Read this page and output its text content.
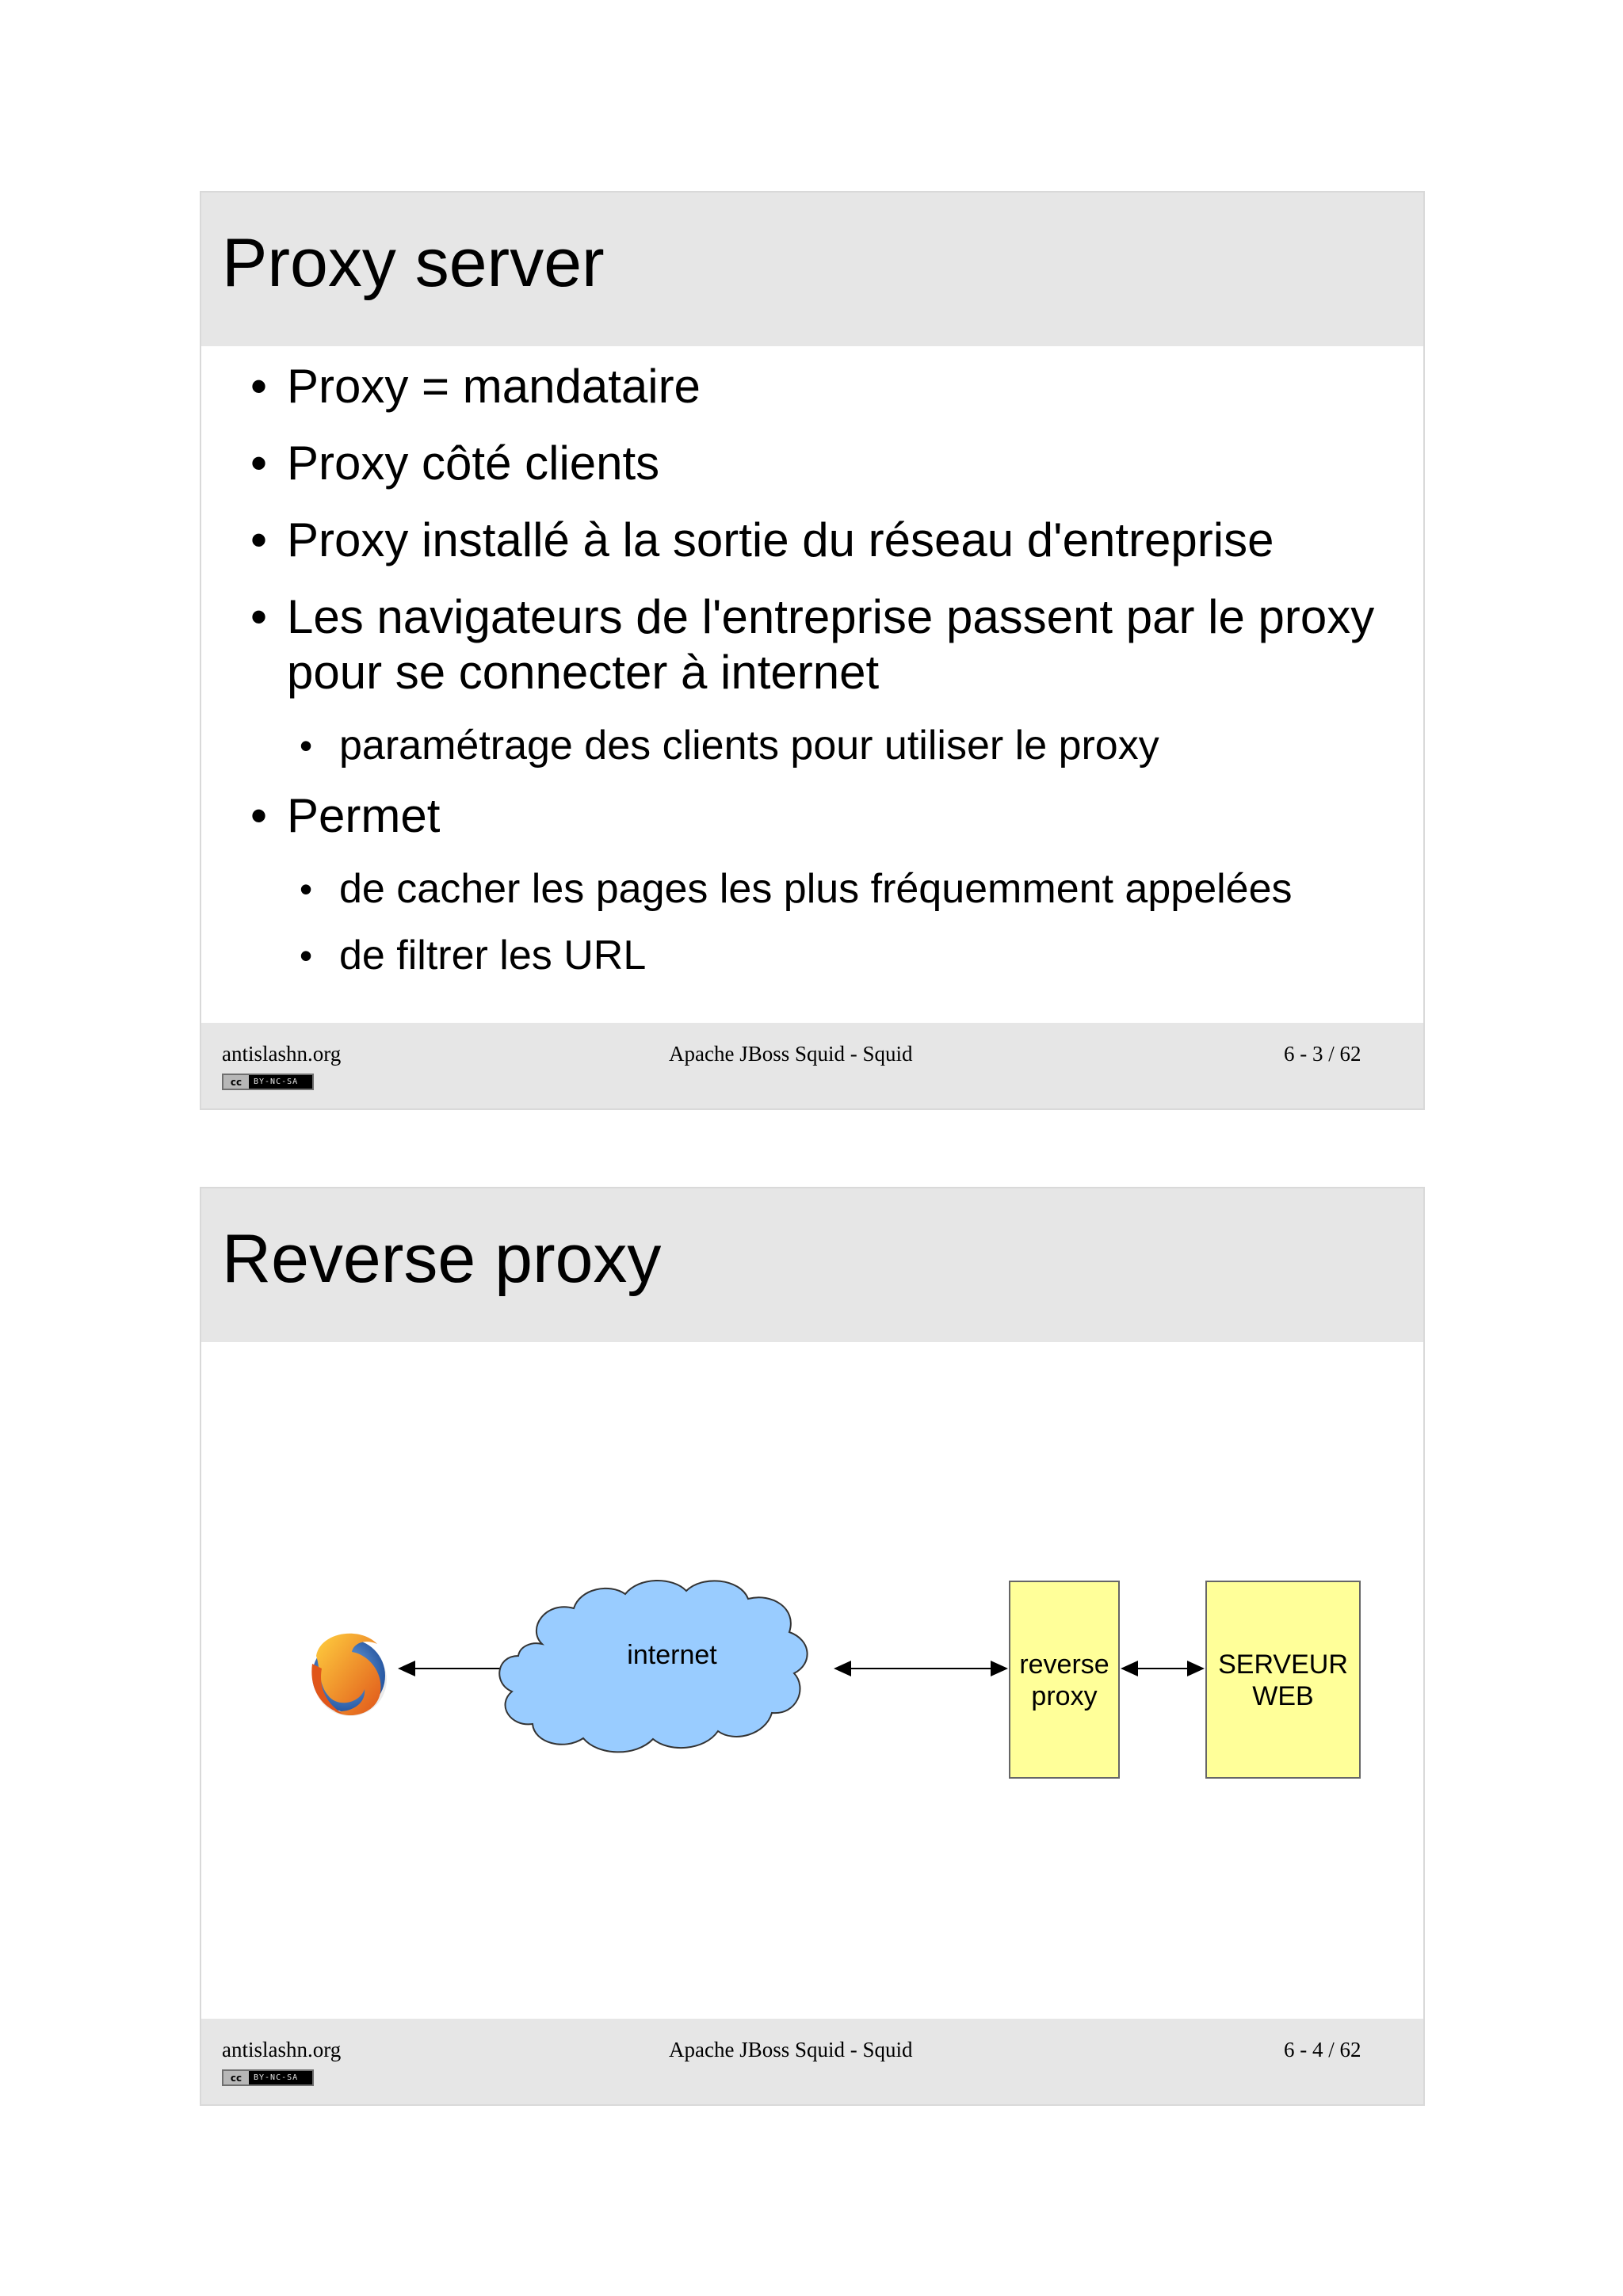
Proxy server
• Proxy = mandataire
• Proxy côté clients
• Proxy installé à la sortie du réseau d'entreprise
• Les navigateurs de l'entreprise passent par le proxy pour se connecter à internet
• paramétrage des clients pour utiliser le proxy
• Permet
• de cacher les pages les plus fréquemment appelées
• de filtrer les URL
antislashn.org
cc	BY-NC-SA
Apache JBoss Squid - Squid	6 - 3 / 62
Reverse proxy
internet	reverse
proxy
SERVEUR
WEB
antislashn.org
cc	BY-NC-SA
Apache JBoss Squid - Squid	6 - 4 / 62
